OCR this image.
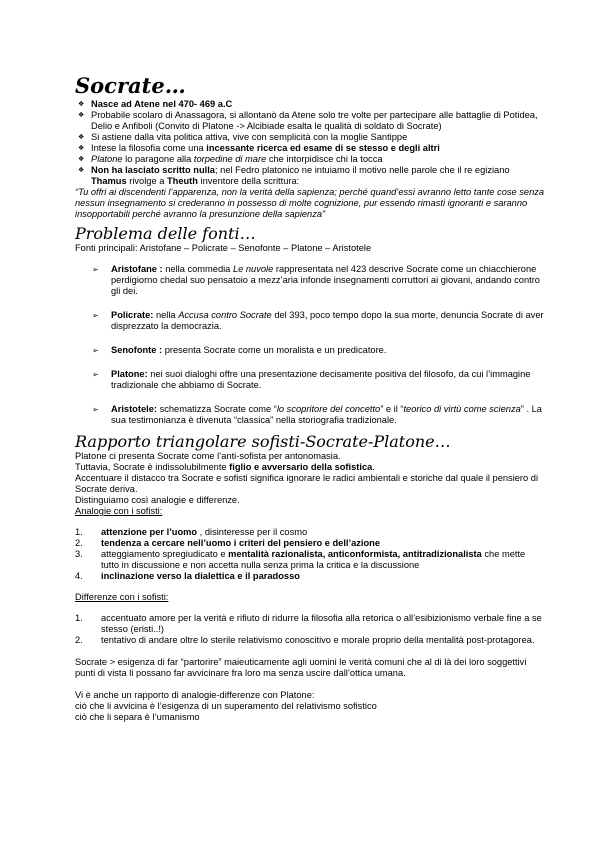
Socrate…
❖ Nasce ad Atene nel 470- 469 a.C
❖ Probabile scolaro di Anassagora, si allontanò da Atene solo tre volte per partecipare alle battaglie di Potidea, Delio e Anfiboli (Convito di Platone -> Alcibiade esalta le qualità di soldato di Socrate)
❖ Si astiene dalla vita politica attiva, vive con semplicità con la moglie Santippe
❖ Intese la filosofia come una incessante ricerca ed esame di se stesso e degli altri
❖ Platone lo paragone alla torpedine di mare che intorpidisce chi la tocca
❖ Non ha lasciato scritto nulla; nel Fedro platonico ne intuiamo il motivo nelle parole che il re egiziano Thamus rivolge a Theuth inventore della scrittura:

“Tu offri ai discendenti l’apparenza, non la verità della sapienza; perché quand’essi avranno letto tante cose senza nessun insegnamento si crederanno in possesso di molte cognizione, pur essendo rimasti ignoranti e saranno insopportabili perché avranno la presunzione della sapienza”

Problema delle fonti…

Fonti principali: Aristofane – Policrate – Senofonte – Platone – Aristotele

➢ Aristofane : nella commedia Le nuvole rappresentata nel 423 descrive Socrate come un chiacchierone perdigiorno chedal suo pensatoio a mezz’aria infonde insegnamenti corruttori ai giovani, andando contro gli dei.
➢ Policrate: nella Accusa contro Socrate del 393, poco tempo dopo la sua morte, denuncia Socrate di aver disprezzato la democrazia.
➢ Senofonte : presenta Socrate come un moralista e un predicatore.
➢ Platone: nei suoi dialoghi offre una presentazione decisamente positiva del filosofo, da cui l’immagine tradizionale che abbiamo di Socrate.
➢ Aristotele: schematizza Socrate come “lo scopritore del concetto” e il “teorico di virtù come scienza” . La sua testimonianza è divenuta “classica” nella storiografia tradizionale.
Rapporto triangolare sofisti-Socrate-Platone…

Platone ci presenta Socrate come l’anti-sofista per antonomasia.

Tuttavia, Socrate è indissolubilmente figlio e avversario della sofistica.

Accentuare il distacco tra Socrate e sofisti significa ignorare le radici ambientali e storiche dal quale il pensiero di Socrate deriva.

Distinguiamo così analogie e differenze.

Analogie con i sofisti:

1. attenzione per l’uomo , disinteresse per il cosmo
2. tendenza a cercare nell’uomo i criteri del pensiero e dell’azione
3. atteggiamento spregiudicato e mentalità razionalista, anticonformista, antitradizionalista che mette tutto in discussione e non accetta nulla senza prima la critica e la discussione
4. inclinazione verso la dialettica e il paradosso

Differenze con i sofisti:

1. accentuato amore per la verità e rifiuto di ridurre la filosofia alla retorica o all’esibizionismo verbale fine a se stesso (eristi..!)
2. tentativo di andare oltre lo sterile relativismo conoscitivo e morale proprio della mentalità post-protagorea.

Socrate > esigenza di far “partorire” maieuticamente agli uomini le verità comuni che al di là dei loro soggettivi punti di vista li possano far avvicinare fra loro ma senza uscire dall’ottica umana.

Vi è anche un rapporto di analogie-differenze con Platone:

ciò che li avvicina è l’esigenza di un superamento del relativismo sofistico

ciò che li separa è l’umanismo
